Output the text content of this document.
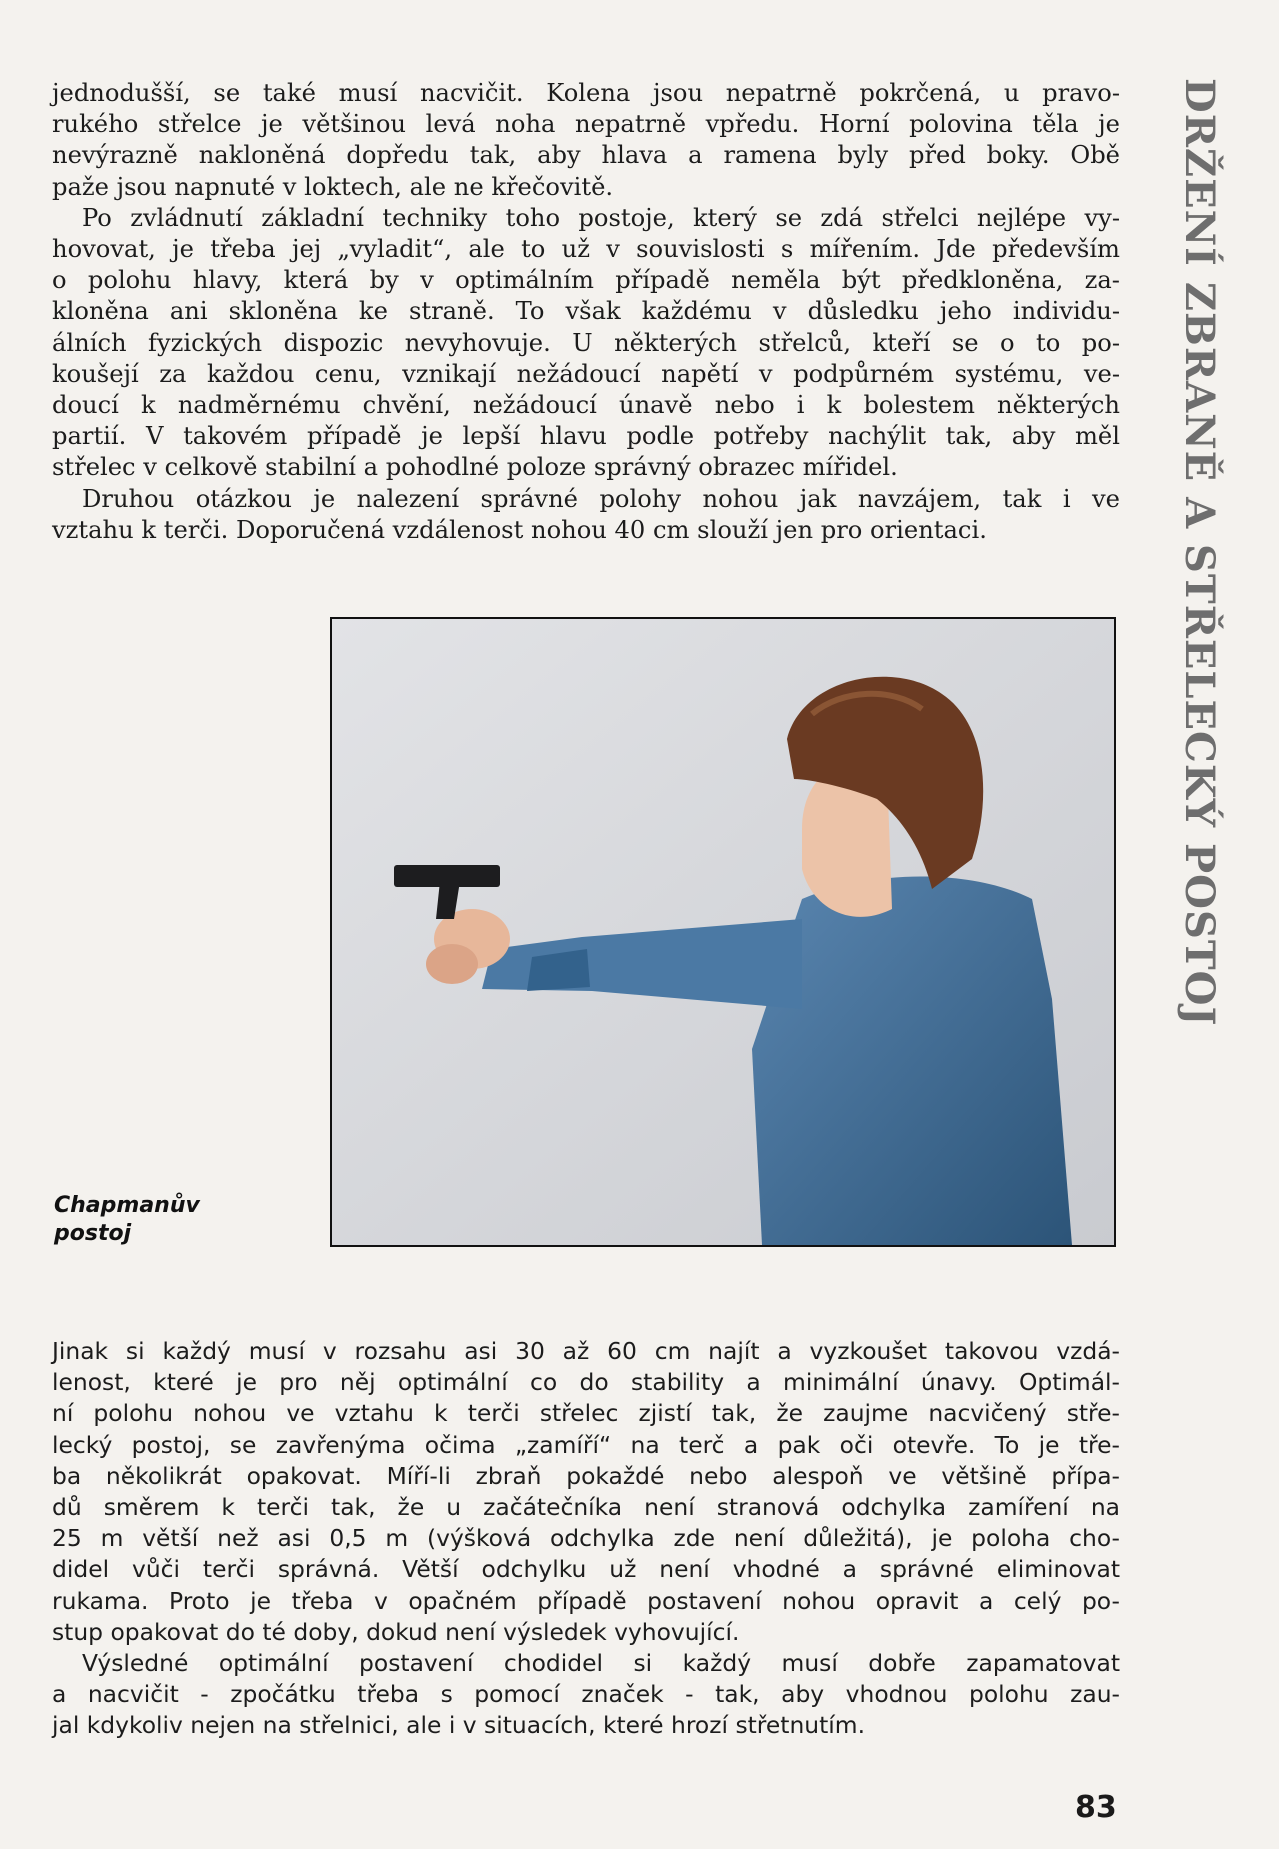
jednodušší, se také musí nacvičit. Kolena jsou nepatrně pokrčená, u pravo-
rukého střelce je většinou levá noha nepatrně vpředu. Horní polovina těla je
nevýrazně nakloněná dopředu tak, aby hlava a ramena byly před boky. Obě
paže jsou napnuté v loktech, ale ne křečovitě.
Po zvládnutí základní techniky toho postoje, který se zdá střelci nejlépe vy-
hovovat, je třeba jej „vyladit“, ale to už v souvislosti s mířením. Jde především
o polohu hlavy, která by v optimálním případě neměla být předkloněna, za-
kloněna ani skloněna ke straně. To však každému v důsledku jeho individu-
álních fyzických dispozic nevyhovuje. U některých střelců, kteří se o to po-
koušejí za každou cenu, vznikají nežádoucí napětí v podpůrném systému, ve-
doucí k nadměrnému chvění, nežádoucí únavě nebo i k bolestem některých
partií. V takovém případě je lepší hlavu podle potřeby nachýlit tak, aby měl
střelec v celkově stabilní a pohodlné poloze správný obrazec mířidel.
Druhou otázkou je nalezení správné polohy nohou jak navzájem, tak i ve
vztahu k terči. Doporučená vzdálenost nohou 40 cm slouží jen pro orientaci.
Chapmanův
postoj
Jinak si každý musí v rozsahu asi 30 až 60 cm najít a vyzkoušet takovou vzdá-
lenost, které je pro něj optimální co do stability a minimální únavy. Optimál-
ní polohu nohou ve vztahu k terči střelec zjistí tak, že zaujme nacvičený stře-
lecký postoj, se zavřenýma očima „zamíří“ na terč a pak oči otevře. To je tře-
ba několikrát opakovat. Míří-li zbraň pokaždé nebo alespoň ve většině přípa-
dů směrem k terči tak, že u začátečníka není stranová odchylka zamíření na
25 m větší než asi 0,5 m (výšková odchylka zde není důležitá), je poloha cho-
didel vůči terči správná. Větší odchylku už není vhodné a správné eliminovat
rukama. Proto je třeba v opačném případě postavení nohou opravit a celý po-
stup opakovat do té doby, dokud není výsledek vyhovující.
Výsledné optimální postavení chodidel si každý musí dobře zapamatovat
a nacvičit - zpočátku třeba s pomocí značek - tak, aby vhodnou polohu zau-
jal kdykoliv nejen na střelnici, ale i v situacích, které hrozí střetnutím.
DRŽENÍ ZBRANĚ A STŘELECKÝ POSTOJ
83
